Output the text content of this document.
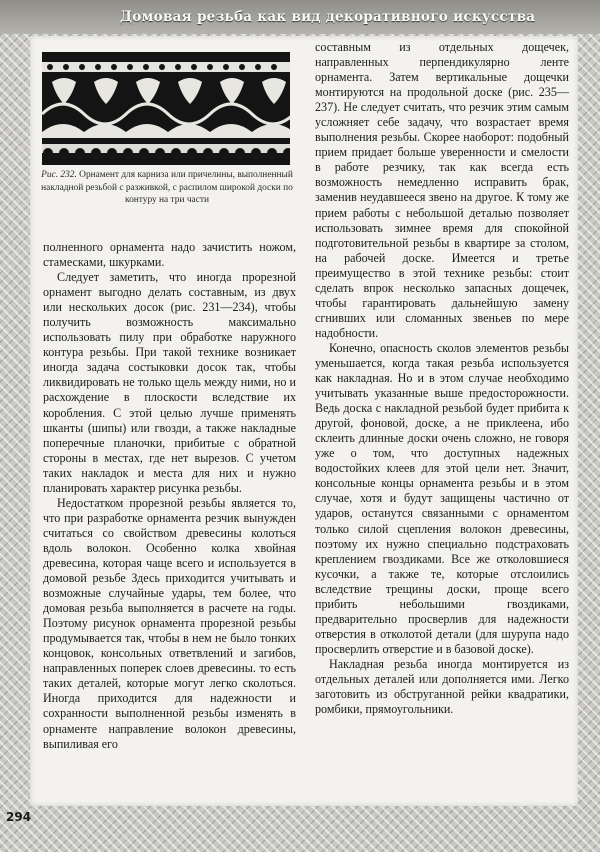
Домовая резьба как вид декоративного искусства

Рис. 232. Орнамент для карниза или причелины, выполненный накладной резьбой с разживкой, с распилом широкой доски по контуру на три части

полненного орнамента надо зачистить ножом, стамесками, шкурками.

Следует заметить, что иногда прорезной орнамент выгодно делать составным, из двух или нескольких досок (рис. 231—234), чтобы получить возможность максимально использовать пилу при обработке наружного контура резьбы. При такой технике возникает иногда задача состыковки досок так, чтобы ликвидировать не только щель между ними, но и расхождение в плоскости вследствие их коробления. С этой целью лучше применять шканты (шипы) или гвозди, а также накладные поперечные планочки, прибитые с обратной стороны в местах, где нет вырезов. С учетом таких накладок и места для них и нужно планировать характер рисунка резьбы.

Недостатком прорезной резьбы является то, что при разработке орнамента резчик вынужден считаться со свойством древесины колоться вдоль волокон. Особенно колка хвойная древесина, которая чаще всего и используется в домовой резьбе Здесь приходится учитывать и возможные случайные удары, тем более, что домовая резьба выполняется в расчете на годы. Поэтому рисунок орнамента прорезной резьбы продумывается так, чтобы в нем не было тонких концовок, консольных ответвлений и загибов, направленных поперек слоев древесины. то есть таких деталей, которые могут легко сколоться. Иногда приходится для надежности и сохранности выполненной резьбы изменять в орнаменте направление волокон древесины, выпиливая его

составным из отдельных дощечек, направленных перпендикулярно ленте орнамента. Затем вертикальные дощечки монтируются на продольной доске (рис. 235—237). Не следует считать, что резчик этим самым усложняет себе задачу, что возрастает время выполнения резьбы. Скорее наоборот: подобный прием придает больше уверенности и смелости в работе резчику, так как всегда есть возможность немедленно исправить брак, заменив неудавшееся звено на другое. К тому же прием работы с небольшой деталью позволяет использовать зимнее время для спокойной подготовительной резьбы в квартире за столом, на рабочей доске. Имеется и третье преимущество в этой технике резьбы: стоит сделать впрок несколько запасных дощечек, чтобы гарантировать дальнейшую замену сгнивших или сломанных звеньев по мере надобности.

Конечно, опасность сколов элементов резьбы уменьшается, когда такая резьба используется как накладная. Но и в этом случае необходимо учитывать указанные выше предосторожности. Ведь доска с накладной резьбой будет прибита к другой, фоновой, доске, а не приклеена, ибо склеить длинные доски очень сложно, не говоря уже о том, что доступных надежных водостойких клеев для этой цели нет. Значит, консольные концы орнамента резьбы и в этом случае, хотя и будут защищены частично от ударов, останутся связанными с орнаментом только силой сцепления волокон древесины, поэтому их нужно специально подстраховать креплением гвоздиками. Все же отколовшиеся кусочки, а также те, которые отслоились вследствие трещины доски, проще всего прибить небольшими гвоздиками, предварительно просверлив для надежности отверстия в отколотой детали (для шурупа надо просверлить отверстие и в базовой доске).

Накладная резьба иногда монтируется из отдельных деталей или дополняется ими. Легко заготовить из обструганной рейки квадратики, ромбики, прямоугольники.

294
